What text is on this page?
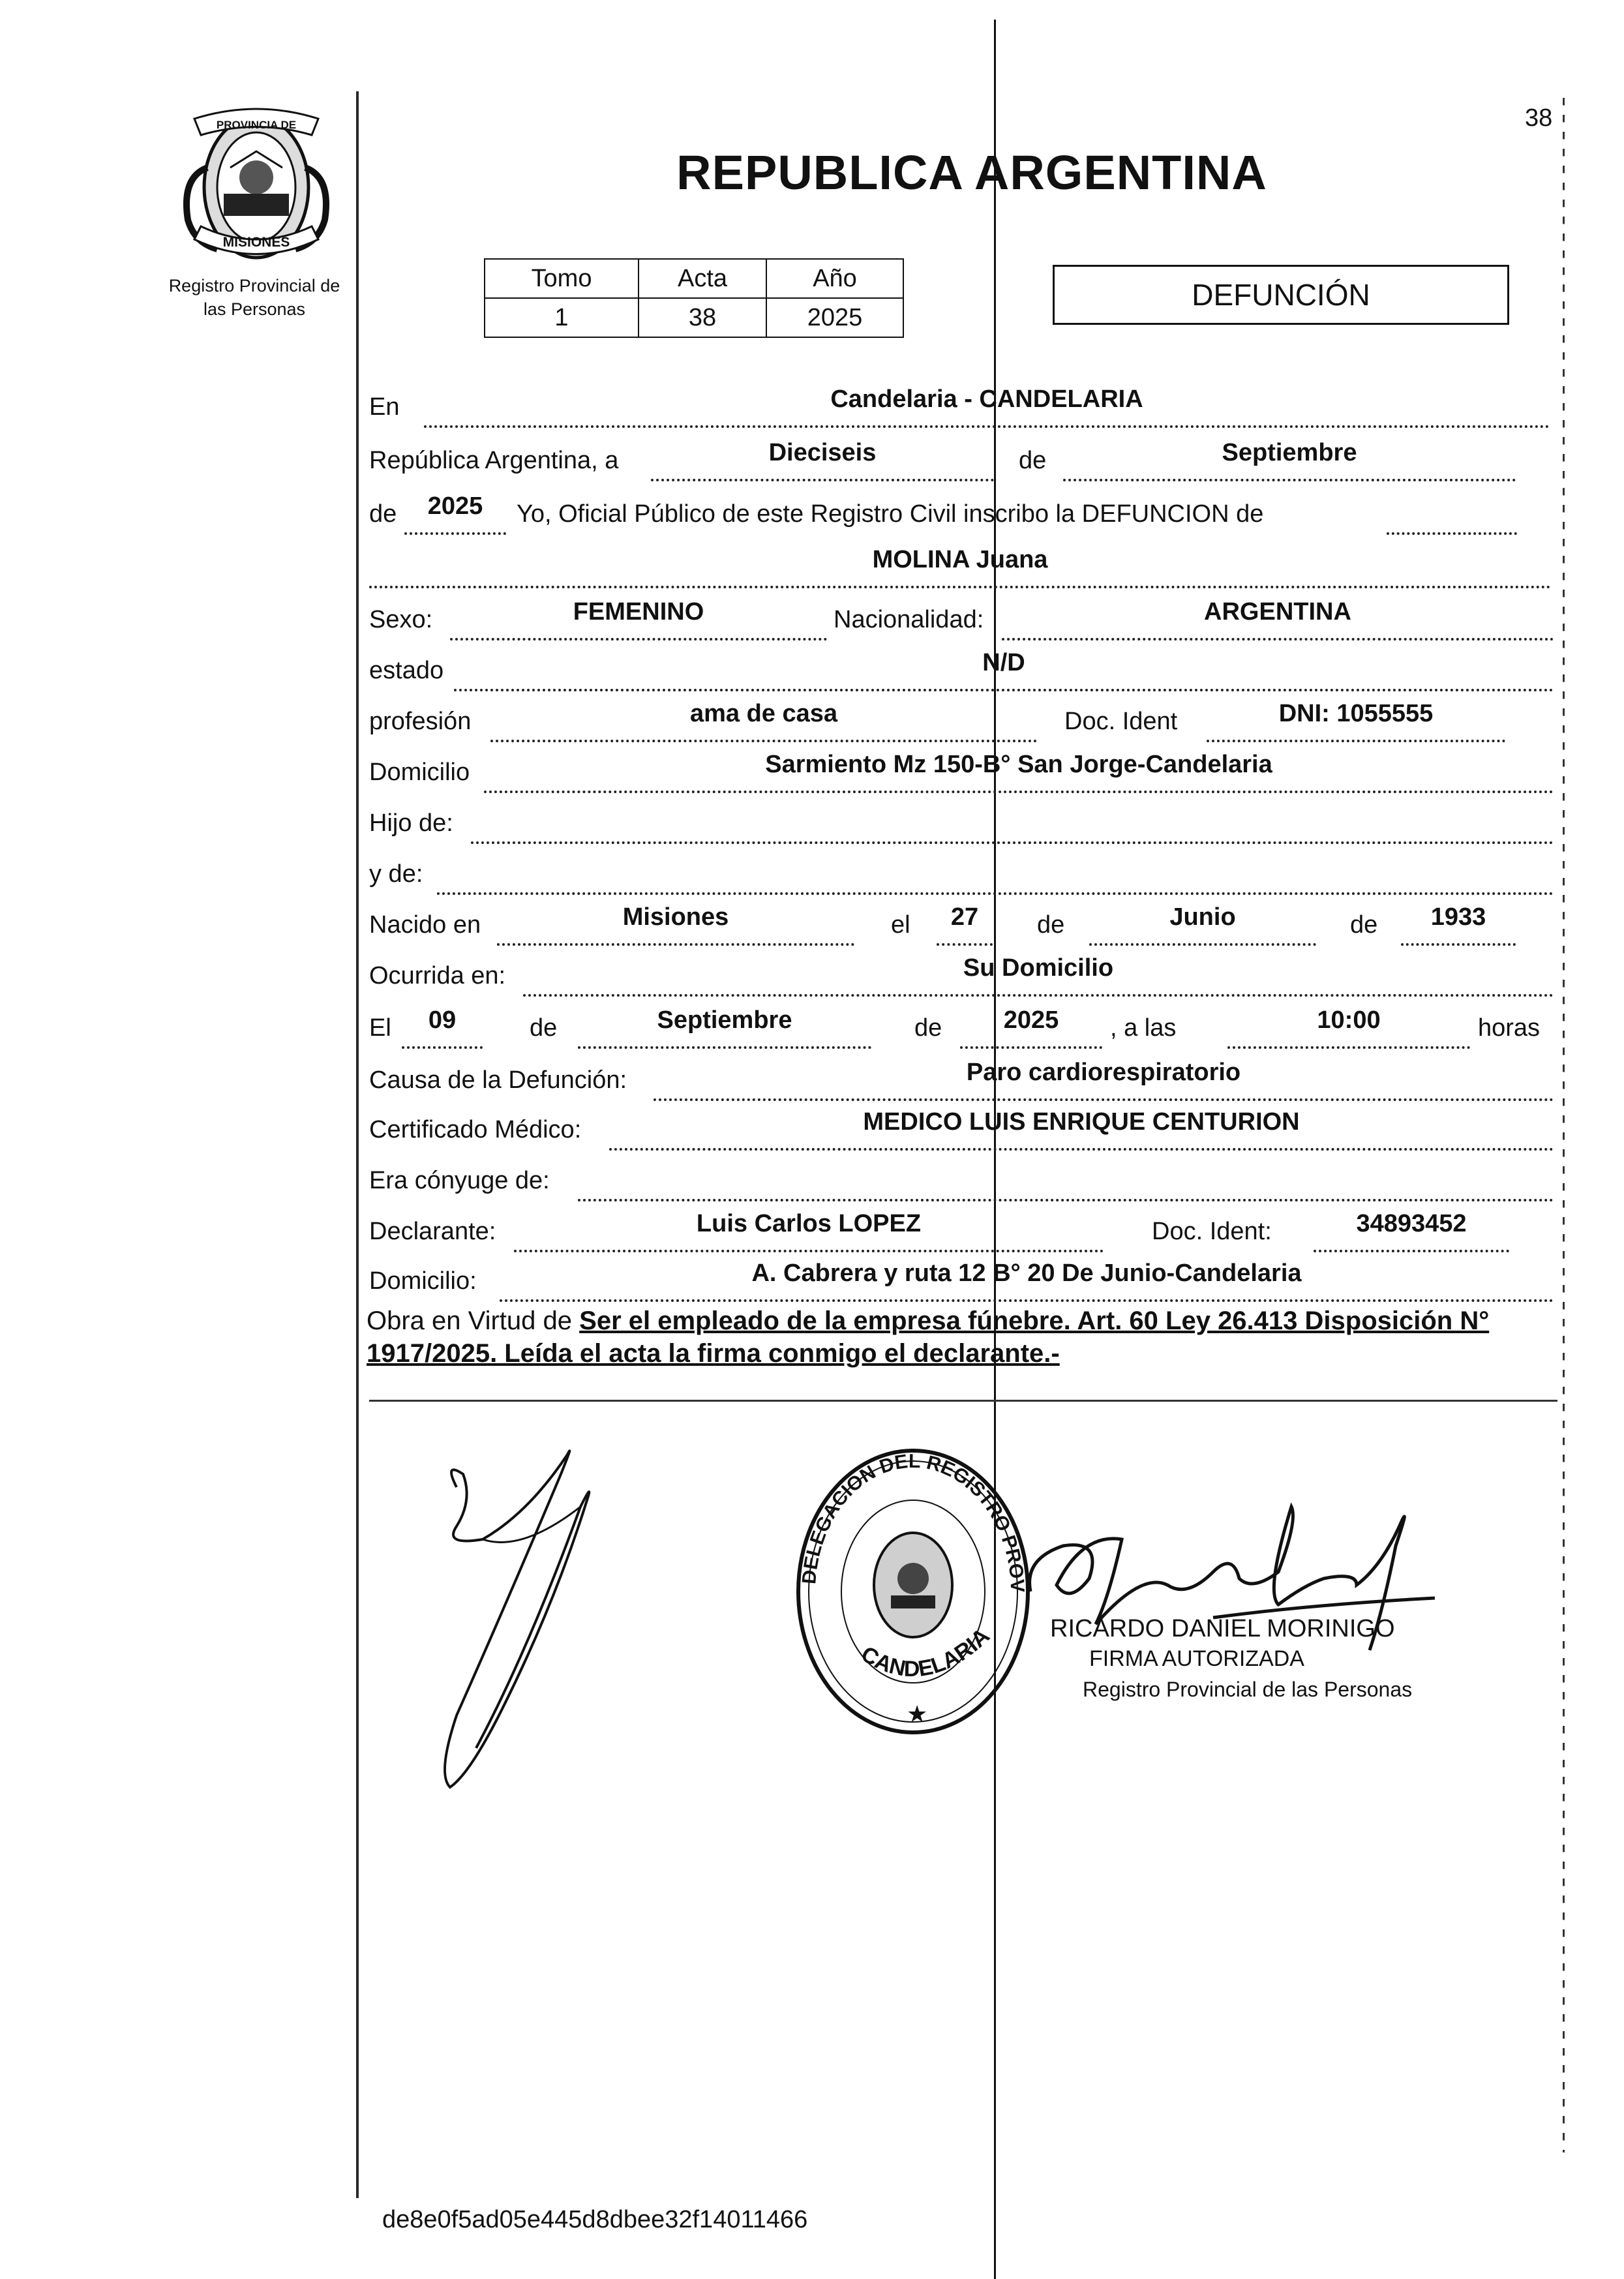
38
PROVINCIA DE
MISIONES
Registro Provincial de
las Personas
REPUBLICA ARGENTINA
Tomo	Acta	Año
1	38	2025
DEFUNCIÓN
En	Candelaria - CANDELARIA
República Argentina, a	Dieciseis	de	Septiembre
de	2025	Yo, Oficial Público de este Registro Civil inscribo la DEFUNCION de
MOLINA Juana
Sexo:	FEMENINO	Nacionalidad:	ARGENTINA
estado	N/D
profesión	ama de casa	Doc. Ident	DNI: 1055555
Domicilio	Sarmiento Mz 150-B° San Jorge-Candelaria
Hijo de:
y de:
Nacido en	Misiones	el	27	de	Junio	de	1933
Ocurrida en:	Su Domicilio
El	09	de	Septiembre	de	2025	, a las	10:00	horas
Causa de la Defunción:	Paro cardiorespiratorio
Certificado Médico:	MEDICO LUIS ENRIQUE CENTURION
Era cónyuge de:
Declarante:	Luis Carlos LOPEZ	Doc. Ident:	34893452
Domicilio:	A. Cabrera y ruta 12 B° 20 De Junio-Candelaria
Obra en Virtud de Ser el empleado de la empresa fúnebre. Art. 60 Ley 26.413 Disposición N° 1917/2025. Leída el acta la firma conmigo el declarante.-
DELEGACION DEL REGISTRO PROV
CANDELARIA
★
RICARDO DANIEL MORINIGO
FIRMA AUTORIZADA
Registro Provincial de las Personas
de8e0f5ad05e445d8dbee32f14011466
